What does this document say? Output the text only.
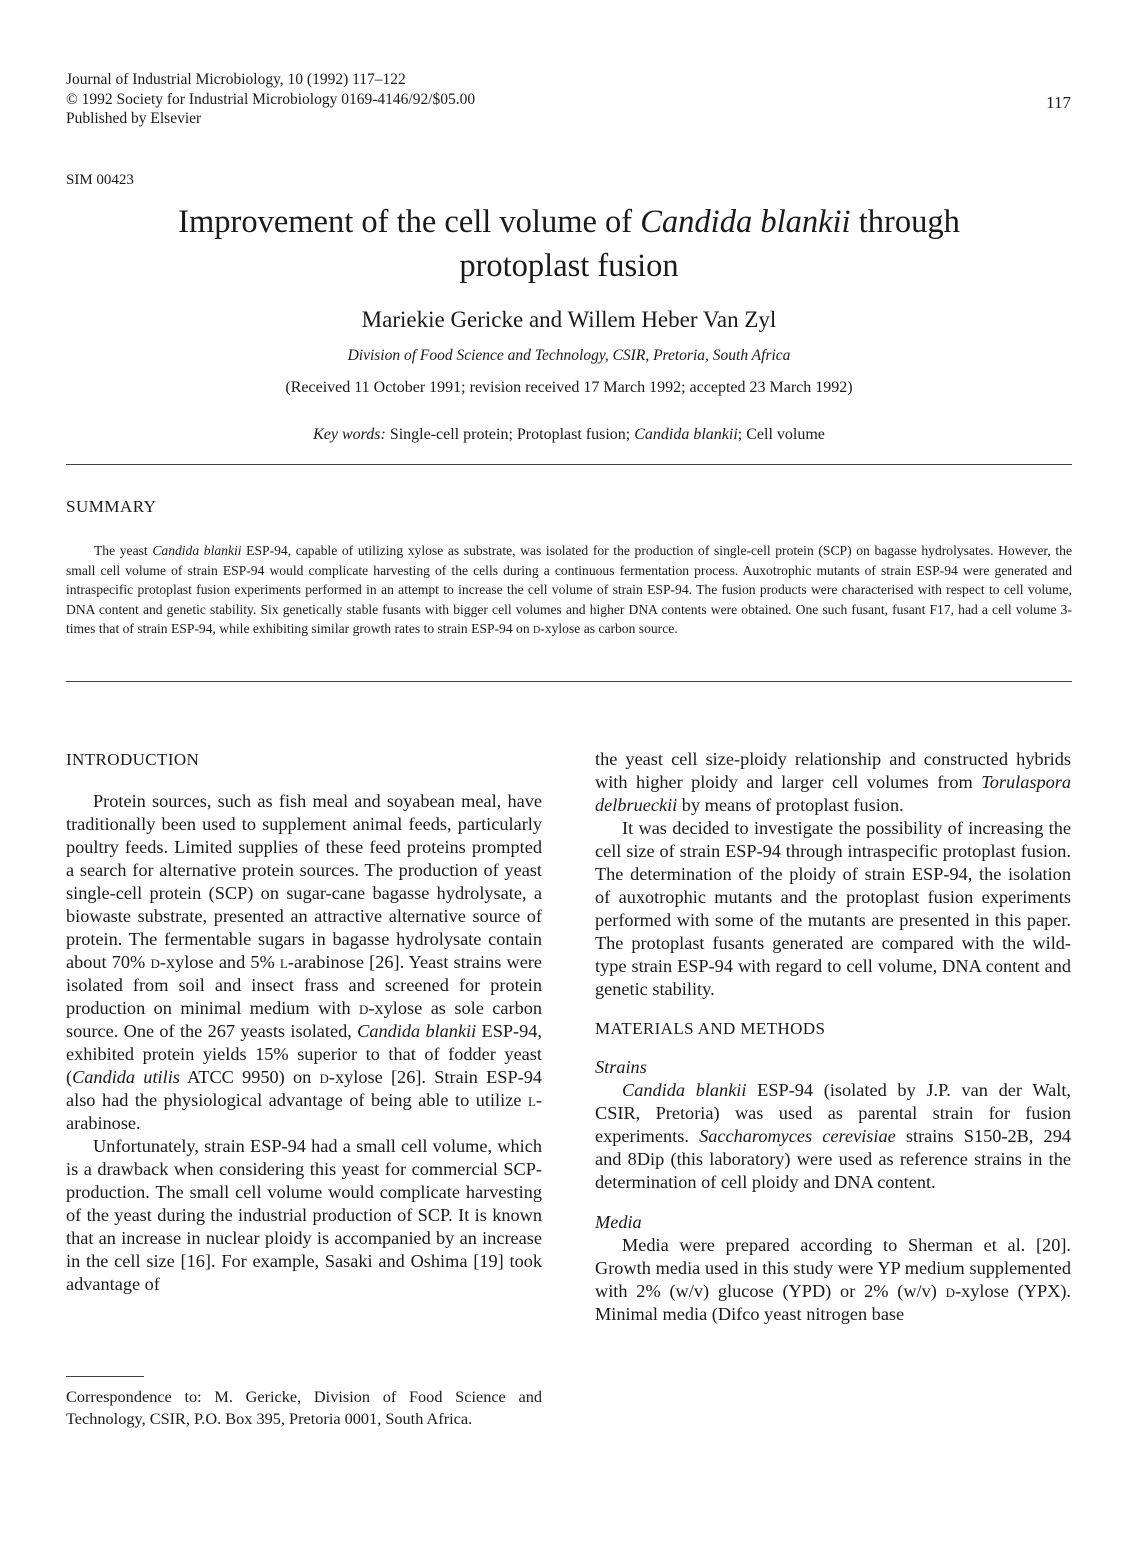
Journal of Industrial Microbiology, 10 (1992) 117–122
© 1992 Society for Industrial Microbiology 0169-4146/92/$05.00
Published by Elsevier
117
SIM 00423
Improvement of the cell volume of Candida blankii through
protoplast fusion
Mariekie Gericke and Willem Heber Van Zyl
Division of Food Science and Technology, CSIR, Pretoria, South Africa
(Received 11 October 1991; revision received 17 March 1992; accepted 23 March 1992)
Key words: Single-cell protein; Protoplast fusion; Candida blankii; Cell volume
SUMMARY
The yeast Candida blankii ESP-94, capable of utilizing xylose as substrate, was isolated for the production of single-cell protein (SCP) on bagasse hydrolysates. However, the small cell volume of strain ESP-94 would complicate harvesting of the cells during a continuous fermentation process. Auxotrophic mutants of strain ESP-94 were generated and intraspecific protoplast fusion experiments performed in an attempt to increase the cell volume of strain ESP-94. The fusion products were characterised with respect to cell volume, DNA content and genetic stability. Six genetically stable fusants with bigger cell volumes and higher DNA contents were obtained. One such fusant, fusant F17, had a cell volume 3-times that of strain ESP-94, while exhibiting similar growth rates to strain ESP-94 on d-xylose as carbon source.

INTRODUCTION

Protein sources, such as fish meal and soyabean meal, have traditionally been used to supplement animal feeds, particularly poultry feeds. Limited supplies of these feed proteins prompted a search for alternative protein sources. The production of yeast single-cell protein (SCP) on sugar-cane bagasse hydrolysate, a biowaste substrate, presented an attractive alternative source of protein. The fermentable sugars in bagasse hydrolysate contain about 70% d-xylose and 5% l-arabinose [26]. Yeast strains were isolated from soil and insect frass and screened for protein production on minimal medium with d-xylose as sole carbon source. One of the 267 yeasts isolated, Candida blankii ESP-94, exhibited protein yields 15% superior to that of fodder yeast (Candida utilis ATCC 9950) on d-xylose [26]. Strain ESP-94 also had the physiological advantage of being able to utilize l-arabinose.

Unfortunately, strain ESP-94 had a small cell volume, which is a drawback when considering this yeast for commercial SCP-production. The small cell volume would complicate harvesting of the yeast during the industrial production of SCP. It is known that an increase in nuclear ploidy is accompanied by an increase in the cell size [16]. For example, Sasaki and Oshima [19] took advantage of

Correspondence to: M. Gericke, Division of Food Science and Technology, CSIR, P.O. Box 395, Pretoria 0001, South Africa.

the yeast cell size-ploidy relationship and constructed hybrids with higher ploidy and larger cell volumes from Torulaspora delbrueckii by means of protoplast fusion.

It was decided to investigate the possibility of increasing the cell size of strain ESP-94 through intraspecific protoplast fusion. The determination of the ploidy of strain ESP-94, the isolation of auxotrophic mutants and the protoplast fusion experiments performed with some of the mutants are presented in this paper. The protoplast fusants generated are compared with the wild-type strain ESP-94 with regard to cell volume, DNA content and genetic stability.

MATERIALS AND METHODS

Strains

Candida blankii ESP-94 (isolated by J.P. van der Walt, CSIR, Pretoria) was used as parental strain for fusion experiments. Saccharomyces cerevisiae strains S150-2B, 294 and 8Dip (this laboratory) were used as reference strains in the determination of cell ploidy and DNA content.

Media

Media were prepared according to Sherman et al. [20]. Growth media used in this study were YP medium supplemented with 2% (w/v) glucose (YPD) or 2% (w/v) d-xylose (YPX). Minimal media (Difco yeast nitrogen base
